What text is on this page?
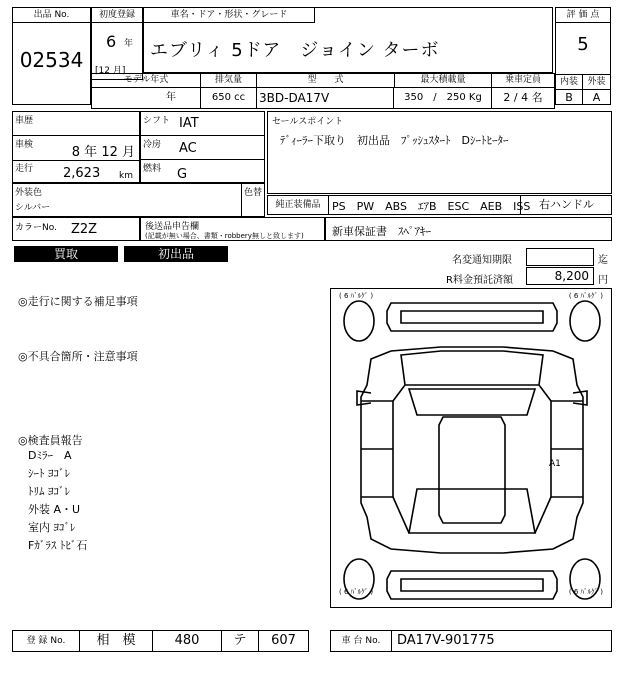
出品 No.
02534
初度登録
6 年
[12 月]
車名・ドア・形状・グレード
エブリィ 5ドア　ジョイン ターボ
評 価 点
5
内装	外装
B	A
モデル年式	排気量	型　　式	最大積載量	乗車定員
年	650 cc	3BD-DA17V	350　/　250 Kg	2 / 4 名
車歴
車検	8 年 12 月
走行 2,623 km
シフト IAT
冷房 AC
燃料 G
セールスポイント
ﾃﾞｨｰﾗｰ下取り　初出品　ﾌﾟｯｼｭｽﾀｰﾄ　Dｼｰﾄﾋｰﾀｰ
外装色
シルバー
色替
純正装備品	PS　PW　ABS　ｴｱB　ESC　AEB　ISS 右ハンドル
カラーNo. Z2Z	後送品申告欄
(記載が無い場合、書類・robbery無しと致します)	新車保証書　ｽﾍﾟｱｷｰ
買取	初出品	名変通知期限	迄
R料金預託済額	8,200 円
◎走行に関する補足事項
◎不具合箇所・注意事項
◎検査員報告
Dﾐﾗｰ　A
ｼｰﾄ ﾖｺﾞﾚ
ﾄﾘﾑ ﾖｺﾞﾚ
外装 A・U
室内 ﾖｺﾞﾚ
Fｶﾞﾗｽ ﾄﾋﾞ石
( 6 ﾊﾞﾙｸﾞ )	( 6 ﾊﾞﾙｸﾞ )
( 6 ﾊﾞﾙｸﾞ )	( 6 ﾊﾞﾙｸﾞ )
A1
登 録 No.	相　模	480	テ	607	車 台 No.	DA17V-901775
